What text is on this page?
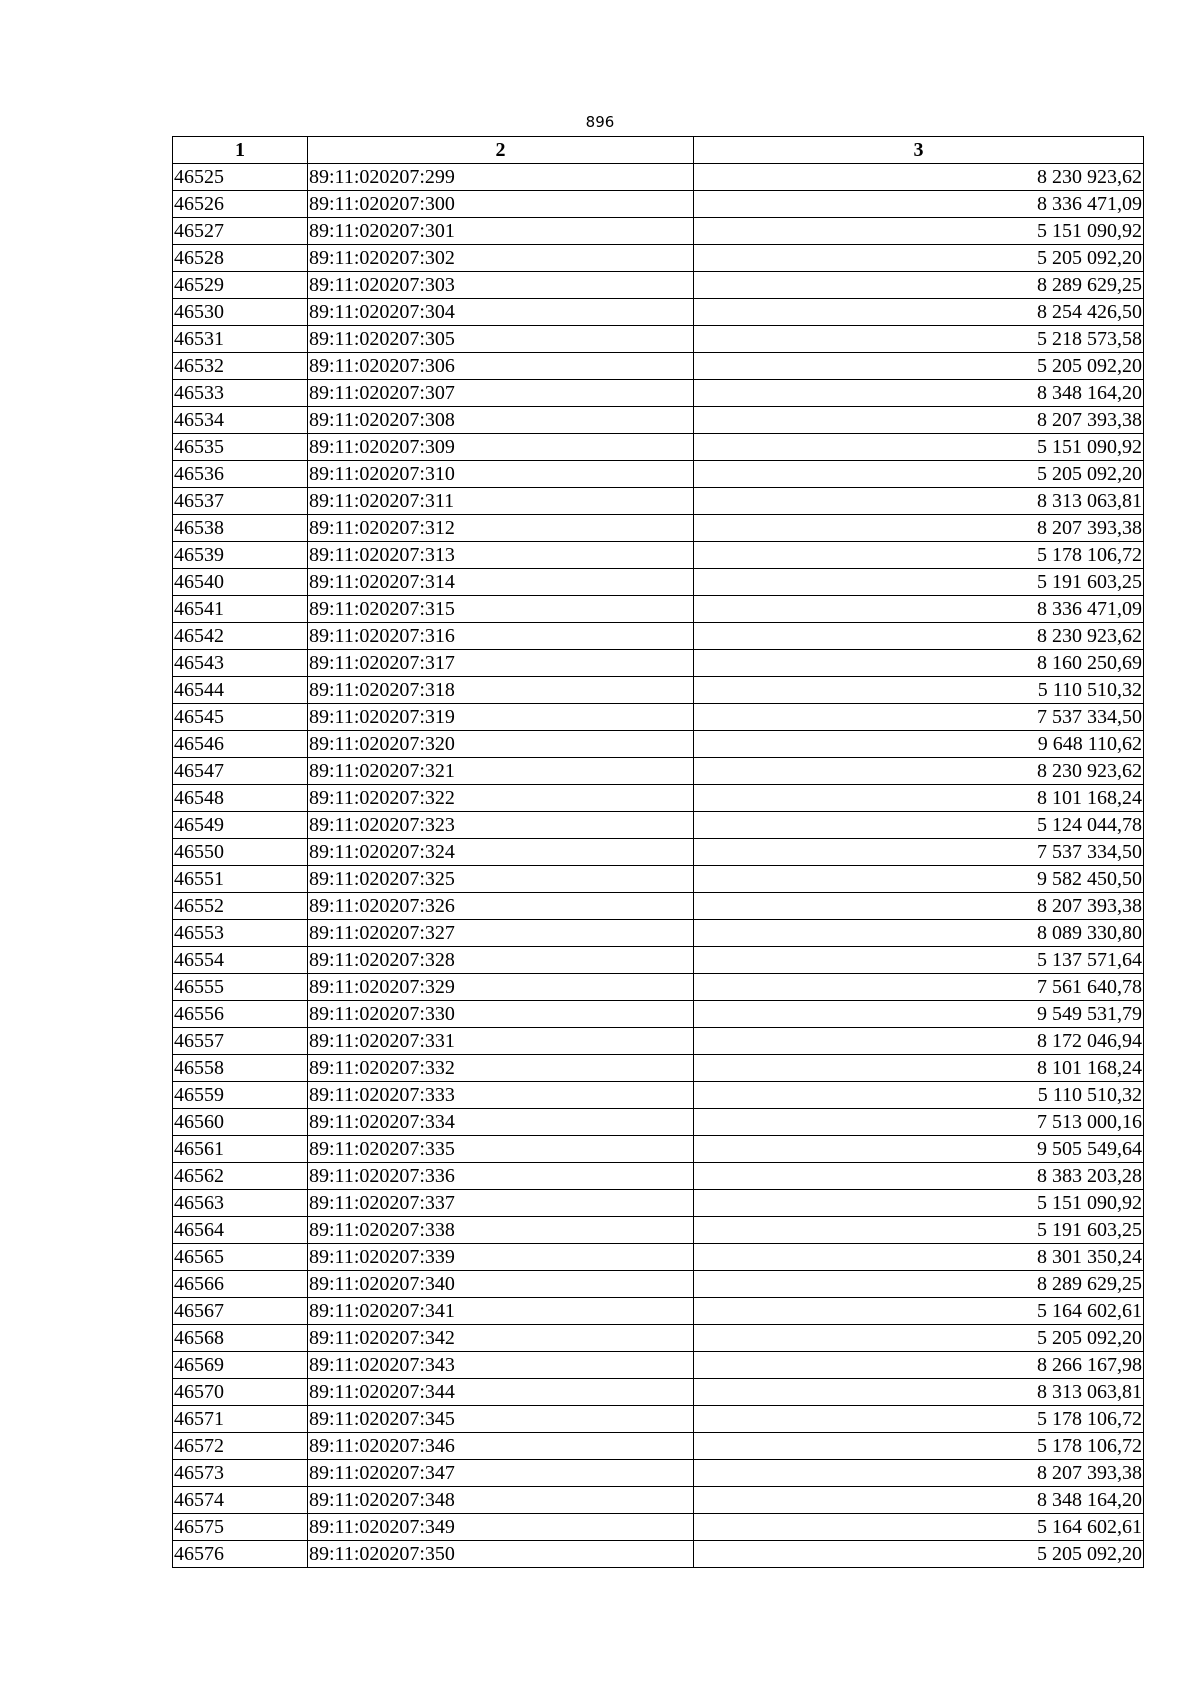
896
1	2	3
46525	89:11:020207:299	8 230 923,62
46526	89:11:020207:300	8 336 471,09
46527	89:11:020207:301	5 151 090,92
46528	89:11:020207:302	5 205 092,20
46529	89:11:020207:303	8 289 629,25
46530	89:11:020207:304	8 254 426,50
46531	89:11:020207:305	5 218 573,58
46532	89:11:020207:306	5 205 092,20
46533	89:11:020207:307	8 348 164,20
46534	89:11:020207:308	8 207 393,38
46535	89:11:020207:309	5 151 090,92
46536	89:11:020207:310	5 205 092,20
46537	89:11:020207:311	8 313 063,81
46538	89:11:020207:312	8 207 393,38
46539	89:11:020207:313	5 178 106,72
46540	89:11:020207:314	5 191 603,25
46541	89:11:020207:315	8 336 471,09
46542	89:11:020207:316	8 230 923,62
46543	89:11:020207:317	8 160 250,69
46544	89:11:020207:318	5 110 510,32
46545	89:11:020207:319	7 537 334,50
46546	89:11:020207:320	9 648 110,62
46547	89:11:020207:321	8 230 923,62
46548	89:11:020207:322	8 101 168,24
46549	89:11:020207:323	5 124 044,78
46550	89:11:020207:324	7 537 334,50
46551	89:11:020207:325	9 582 450,50
46552	89:11:020207:326	8 207 393,38
46553	89:11:020207:327	8 089 330,80
46554	89:11:020207:328	5 137 571,64
46555	89:11:020207:329	7 561 640,78
46556	89:11:020207:330	9 549 531,79
46557	89:11:020207:331	8 172 046,94
46558	89:11:020207:332	8 101 168,24
46559	89:11:020207:333	5 110 510,32
46560	89:11:020207:334	7 513 000,16
46561	89:11:020207:335	9 505 549,64
46562	89:11:020207:336	8 383 203,28
46563	89:11:020207:337	5 151 090,92
46564	89:11:020207:338	5 191 603,25
46565	89:11:020207:339	8 301 350,24
46566	89:11:020207:340	8 289 629,25
46567	89:11:020207:341	5 164 602,61
46568	89:11:020207:342	5 205 092,20
46569	89:11:020207:343	8 266 167,98
46570	89:11:020207:344	8 313 063,81
46571	89:11:020207:345	5 178 106,72
46572	89:11:020207:346	5 178 106,72
46573	89:11:020207:347	8 207 393,38
46574	89:11:020207:348	8 348 164,20
46575	89:11:020207:349	5 164 602,61
46576	89:11:020207:350	5 205 092,20
